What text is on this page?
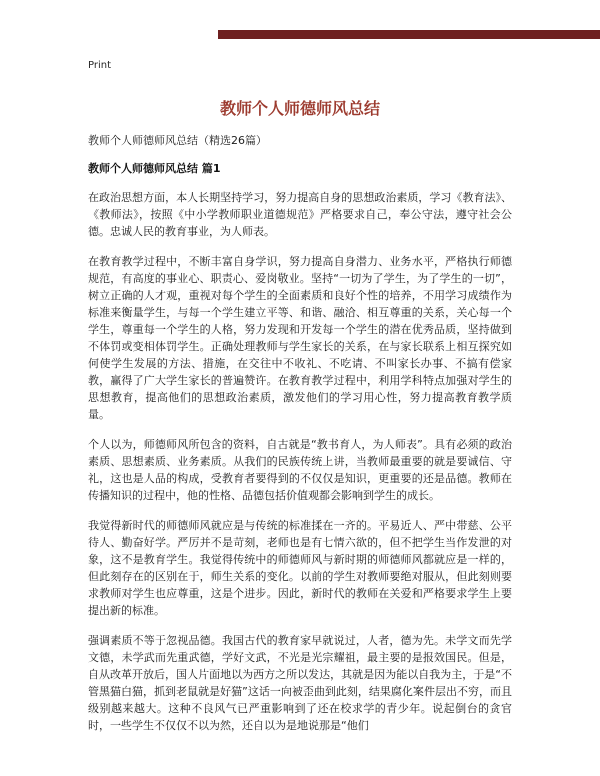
Print
教师个人师德师风总结
教师个人师德师风总结（精选26篇）
教师个人师德师风总结 篇1

在政治思想方面，本人长期坚持学习，努力提高自身的思想政治素质，学习《教育法》、《教师法》，按照《中小学教师职业道德规范》严格要求自己，奉公守法，遵守社会公德。忠诚人民的教育事业，为人师表。

在教育教学过程中，不断丰富自身学识，努力提高自身潜力、业务水平，严格执行师德规范，有高度的事业心、职责心、爱岗敬业。坚持“一切为了学生，为了学生的一切”，树立正确的人才观，重视对每个学生的全面素质和良好个性的培养，不用学习成绩作为标准来衡量学生，与每一个学生建立平等、和谐、融洽、相互尊重的关系，关心每一个学生，尊重每一个学生的人格，努力发现和开发每一个学生的潜在优秀品质，坚持做到不体罚或变相体罚学生。正确处理教师与学生家长的关系，在与家长联系上相互探究如何使学生发展的方法、措施，在交往中不收礼、不吃请、不叫家长办事、不搞有偿家教，赢得了广大学生家长的普遍赞许。在教育教学过程中，利用学科特点加强对学生的思想教育，提高他们的思想政治素质，激发他们的学习用心性，努力提高教育教学质量。

个人以为，师德师风所包含的资料，自古就是“教书育人，为人师表”。具有必须的政治素质、思想素质、业务素质。从我们的民族传统上讲，当教师最重要的就是要诚信、守礼，这也是人品的构成，受教育者要得到的不仅仅是知识，更重要的还是品德。教师在传播知识的过程中，他的性格、品德包括价值观都会影响到学生的成长。

我觉得新时代的师德师风就应是与传统的标准揉在一齐的。平易近人、严中带慈、公平待人、勤奋好学。严厉并不是苛刻，老师也是有七情六欲的，但不把学生当作发泄的对象，这不是教育学生。我觉得传统中的师德师风与新时期的师德师风都就应是一样的，但此刻存在的区别在于，师生关系的变化。以前的学生对教师要绝对服从，但此刻则要求教师对学生也应尊重，这是个进步。因此，新时代的教师在关爱和严格要求学生上要提出新的标准。

强调素质不等于忽视品德。我国古代的教育家早就说过，人者，德为先。未学文而先学文德，未学武而先重武德，学好文武，不光是光宗耀祖，最主要的是报效国民。但是，自从改革开放后，国人片面地以为西方之所以发达，其就是因为能以自我为主，于是“不管黑猫白猫，抓到老鼠就是好猫”这话一向被歪曲到此刻，结果腐化案件层出不穷，而且级别越来越大。这种不良风气已严重影响到了还在校求学的青少年。说起倒台的贪官时，一些学生不仅仅不以为然，还自以为是地说那是“他们
